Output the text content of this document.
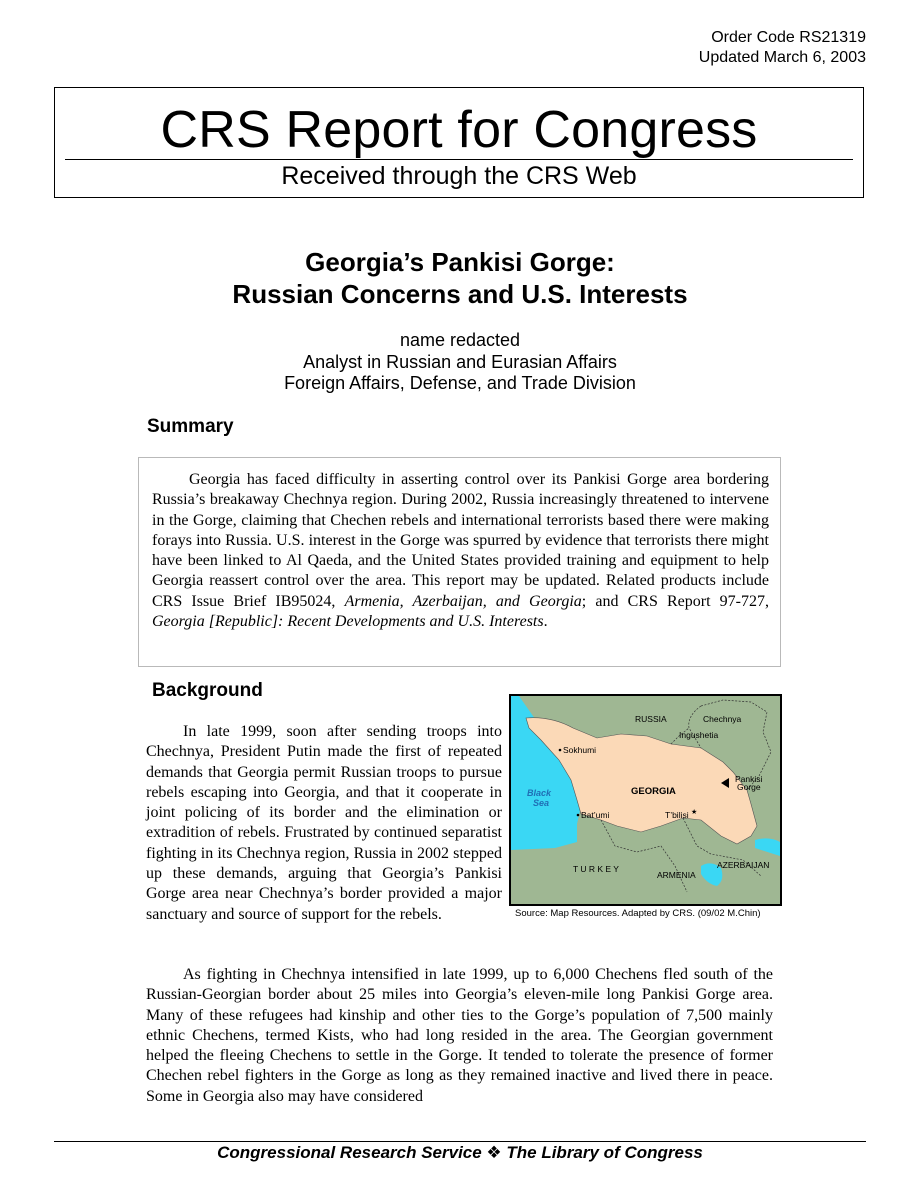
Order Code RS21319
Updated March 6, 2003
CRS Report for Congress
Received through the CRS Web
Georgia’s Pankisi Gorge:
Russian Concerns and U.S. Interests
name redacted
Analyst in Russian and Eurasian Affairs
Foreign Affairs, Defense, and Trade Division
Summary

Georgia has faced difficulty in asserting control over its Pankisi Gorge area bordering Russia’s breakaway Chechnya region. During 2002, Russia increasingly threatened to intervene in the Gorge, claiming that Chechen rebels and international terrorists based there were making forays into Russia. U.S. interest in the Gorge was spurred by evidence that terrorists there might have been linked to Al Qaeda, and the United States provided training and equipment to help Georgia reassert control over the area. This report may be updated. Related products include CRS Issue Brief IB95024, Armenia, Azerbaijan, and Georgia; and CRS Report 97-727, Georgia [Republic]: Recent Developments and U.S. Interests.

Background

In late 1999, soon after sending troops into Chechnya, President Putin made the first of repeated demands that Georgia permit Russian troops to pursue rebels escaping into Georgia, and that it cooperate in joint policing of its border and the elimination or extradition of rebels. Frustrated by continued separatist fighting in its Chechnya region, Russia in 2002 stepped up these demands, arguing that Georgia’s Pankisi Gorge area near Chechnya’s border provided a major sanctuary and source of support for the rebels.

RUSSIA	Chechnya
Ingushetia
Sokhumi
Black
Sea
GEORGIA
Pankisi
Gorge
Bat’umi	T’bilisi ★
T U R K E Y
ARMENIA
AZERBAIJAN
Source: Map Resources. Adapted by CRS. (09/02 M.Chin)

As fighting in Chechnya intensified in late 1999, up to 6,000 Chechens fled south of the Russian-Georgian border about 25 miles into Georgia’s eleven-mile long Pankisi Gorge area. Many of these refugees had kinship and other ties to the Gorge’s population of 7,500 mainly ethnic Chechens, termed Kists, who had long resided in the area. The Georgian government helped the fleeing Chechens to settle in the Gorge. It tended to tolerate the presence of former Chechen rebel fighters in the Gorge as long as they remained inactive and lived there in peace. Some in Georgia also may have considered

Congressional Research Service ❖ The Library of Congress
